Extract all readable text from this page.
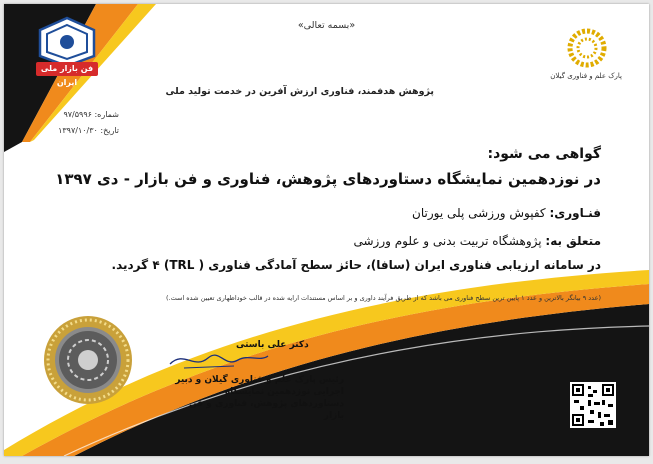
فن بازار ملی ایران
«بسمه تعالی»
پژوهش هدفمند، فناوری ارزش آفرین در خدمت تولید ملی
پارک علم و فناوری گیلان
شماره: ۹۷/۵۹۹۶
تاریخ: ۱۳۹۷/۱۰/۳۰
گواهی می شود:
در نوزدهمین نمایشگاه دستاوردهای پژوهش، فناوری و فن بازار - دی ۱۳۹۷
فنـاوری: کفپوش ورزشی پلی یورتان
متعلق به: پژوهشگاه تربیت بدنی و علوم ورزشی
در سامانه ارزیابی فناوری ایران (سافا)، حائز سطح آمادگی فناوری ( TRL) ۴ گردید.
(عدد ۹ بیانگر بالاترین و عدد ۱ پایین ترین سطح فناوری می باشد که از طریق فرآیند داوری و بر اساس مستندات ارایه شده در قالب خوداظهاری تعیین شده است.)
دکتر علی باستی
رئیس پارک علم و فناوری گیلان و دبیر اجرایی نوزدهمین نمایشگاه دستاوردهای پژوهش، فناوری و فن بازار
